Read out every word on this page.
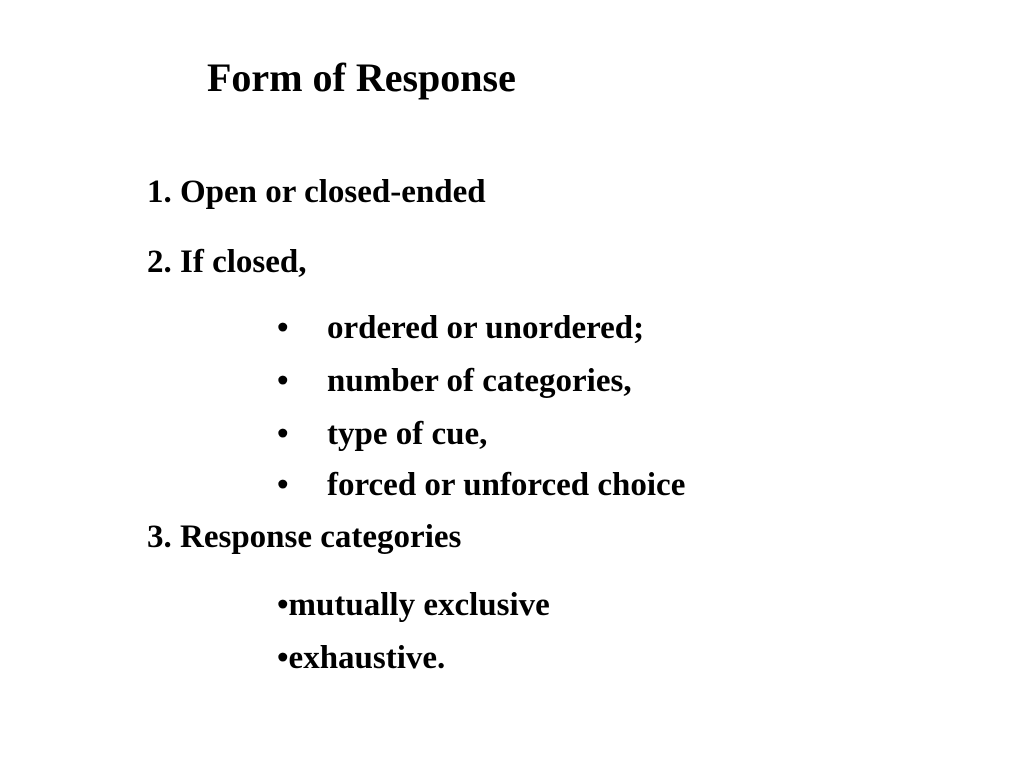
Form of Response
1. Open or closed-ended
2. If closed,
• ordered or unordered;
• number of categories,
• type of cue,
• forced or unforced choice
3. Response categories
•mutually exclusive
•exhaustive.
